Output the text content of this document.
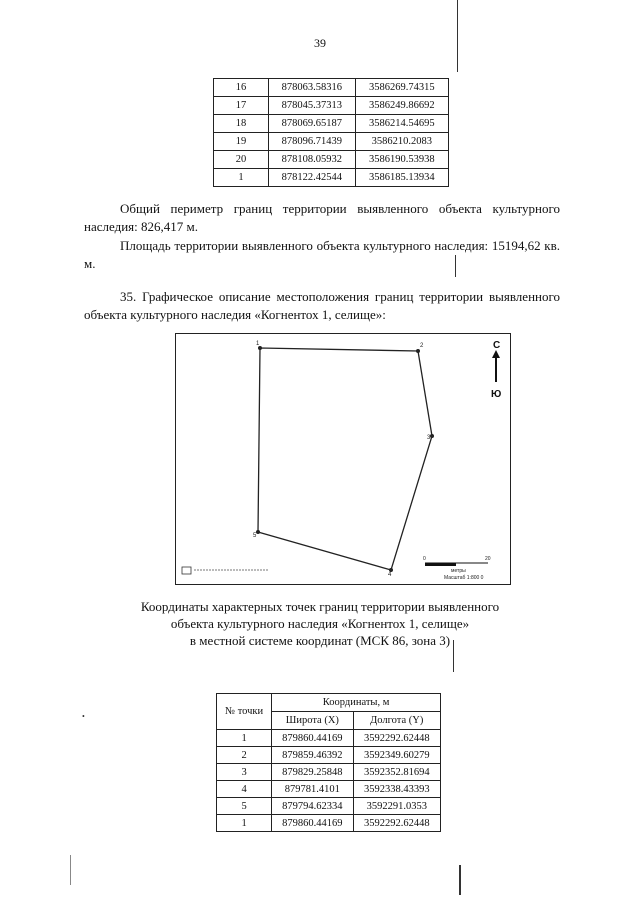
39
16	878063.58316	3586269.74315
17	878045.37313	3586249.86692
18	878069.65187	3586214.54695
19	878096.71439	3586210.2083
20	878108.05932	3586190.53938
1	878122.42544	3586185.13934
Общий периметр границ территории выявленного объекта культурного наследия: 826,417 м.
Площадь территории выявленного объекта культурного наследия: 15194,62 кв. м.
35. Графическое описание местоположения границ территории выявленного объекта культурного наследия «Когнентох 1, селище»:
1	2
3
4
5
С
Ю
0	20
метры
Масштаб 1:800 0
Координаты характерных точек границ территории выявленного
объекта культурного наследия «Когнентох 1, селище»
в местной системе координат (МСК 86, зона 3)
№ точки	Координаты, м	
	Широта (X)	Долгота (Y)
1	879860.44169	3592292.62448
2	879859.46392	3592349.60279
3	879829.25848	3592352.81694
4	879781.4101	3592338.43393
5	879794.62334	3592291.0353
1	879860.44169	3592292.62448
•
